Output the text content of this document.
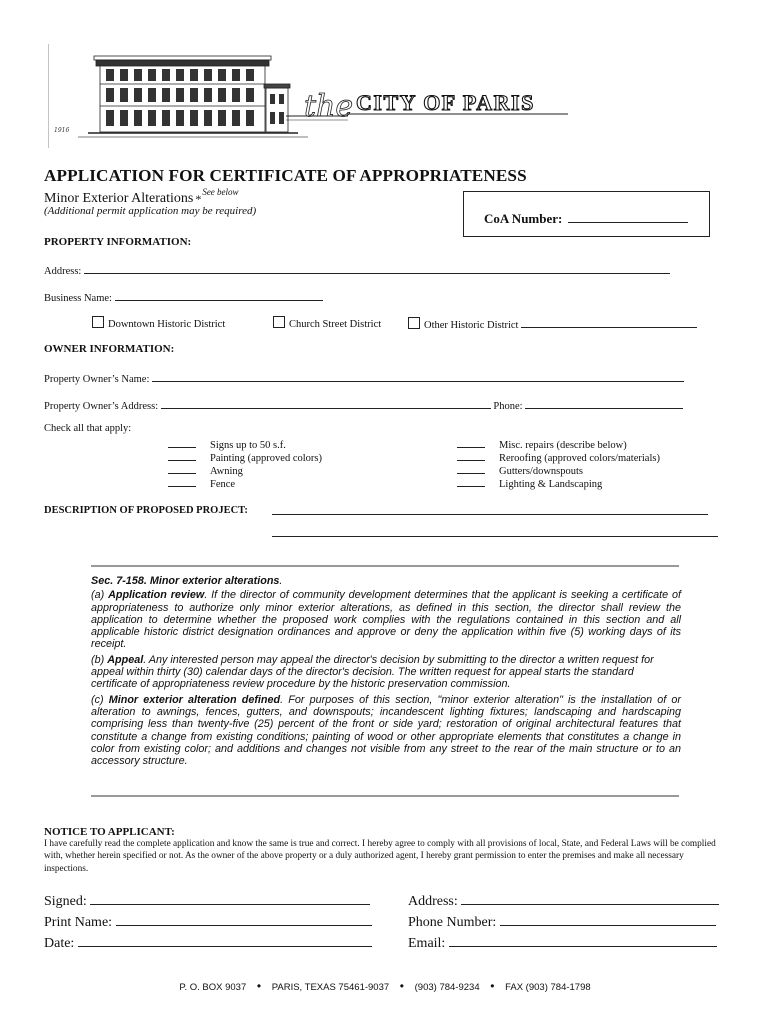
the CITY OF PARIS
1916
APPLICATION FOR CERTIFICATE OF APPROPRIATENESS
Minor Exterior Alterations *$^{See below}$
(Additional permit application may be required)	CoA Number:
PROPERTY INFORMATION:
Address:
Business Name:
Downtown Historic District	Church Street District	Other Historic District
OWNER INFORMATION:
Property Owner’s Name:
Property Owner’s Address:	Phone:
Check all that apply:
Signs up to 50 s.f.
Painting (approved colors)
Awning
Fence
Misc. repairs (describe below)
Reroofing (approved colors/materials)
Gutters/downspouts
Lighting & Landscaping
DESCRIPTION OF PROPOSED PROJECT:
Sec. 7-158. Minor exterior alterations.
(a) Application review. If the director of community development determines that the applicant is seeking a certificate of appropriateness to authorize only minor exterior alterations, as defined in this section, the director shall review the application to determine whether the proposed work complies with the regulations contained in this section and all applicable historic district designation ordinances and approve or deny the application within five (5) working days of its receipt.
(b) Appeal. Any interested person may appeal the director's decision by submitting to the director a written request for appeal within thirty (30) calendar days of the director's decision. The written request for appeal starts the standard certificate of appropriateness review procedure by the historic preservation commission.
(c) Minor exterior alteration defined. For purposes of this section, "minor exterior alteration" is the installation of or alteration to awnings, fences, gutters, and downspouts; incandescent lighting fixtures; landscaping and hardscaping comprising less than twenty-five (25) percent of the front or side yard; restoration of original architectural features that constitute a change from existing conditions; painting of wood or other appropriate elements that constitutes a change in color from existing color; and additions and changes not visible from any street to the rear of the main structure or to an accessory structure.
NOTICE TO APPLICANT:
I have carefully read the complete application and know the same is true and correct. I hereby agree to comply with all provisions of local, State, and Federal Laws will be complied with, whether herein specified or not. As the owner of the above property or a duly authorized agent, I hereby grant permission to enter the premises and make all necessary inspections.
Signed:
Print Name:
Date:
Address:
Phone Number:
Email:
P. O. BOX 9037 • PARIS, TEXAS 75461-9037 • (903) 784-9234 • FAX (903) 784-1798
